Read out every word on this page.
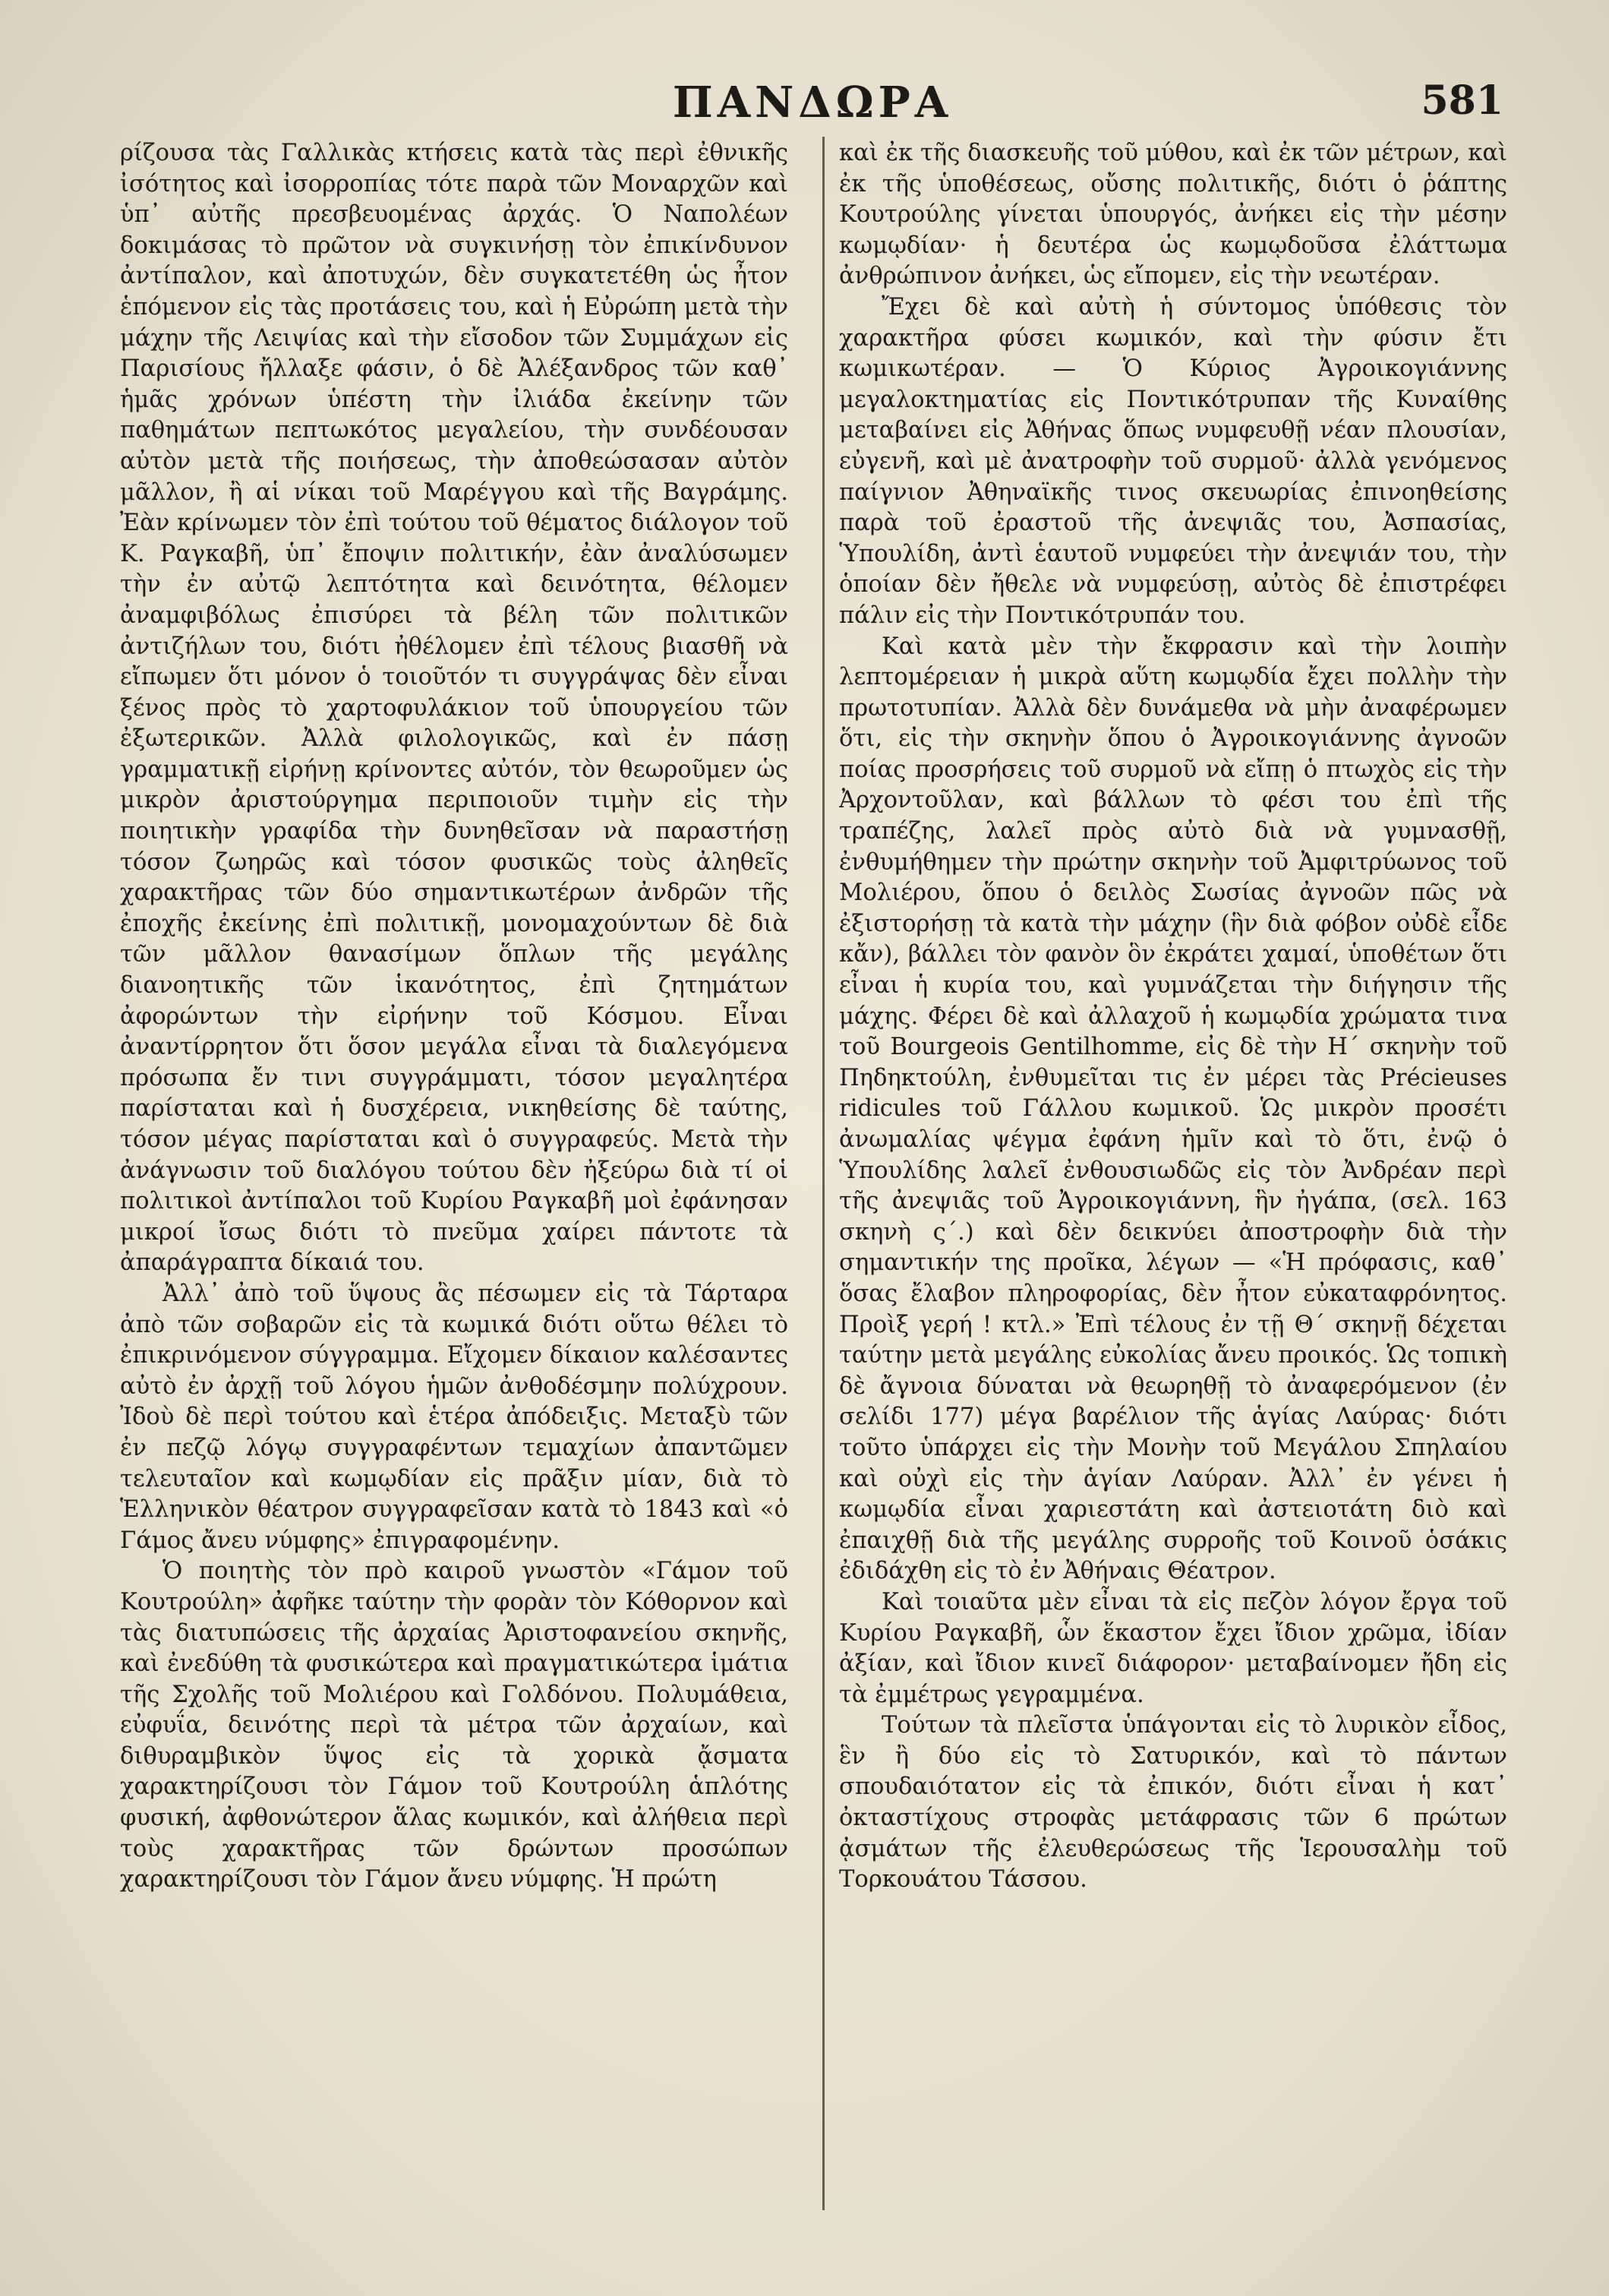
ΠΑΝΔΩΡΑ	581

ρίζουσα τὰς Γαλλικὰς κτήσεις κατὰ τὰς περὶ ἐθνικῆς ἰσότητος καὶ ἰσορροπίας τότε παρὰ τῶν Μοναρχῶν καὶ ὑπ᾽ αὐτῆς πρεσβευομένας ἀρχάς. Ὁ Ναπολέων δοκιμάσας τὸ πρῶτον νὰ συγκινήσῃ τὸν ἐπικίνδυνον ἀντίπαλον, καὶ ἀποτυχών, δὲν συγκατετέθη ὡς ἦτον ἑπόμενον εἰς τὰς προτάσεις του, καὶ ἡ Εὐρώπη μετὰ τὴν μάχην τῆς Λειψίας καὶ τὴν εἴσοδον τῶν Συμμάχων εἰς Παρισίους ἤλλαξε φάσιν, ὁ δὲ Ἀλέξανδρος τῶν καθ᾽ ἡμᾶς χρόνων ὑπέστη τὴν ἰλιάδα ἐκείνην τῶν παθημάτων πεπτωκότος μεγαλείου, τὴν συνδέουσαν αὐτὸν μετὰ τῆς ποιήσεως, τὴν ἀποθεώσασαν αὐτὸν μᾶλλον, ἢ αἱ νίκαι τοῦ Μαρέγγου καὶ τῆς Βαγράμης. Ἐὰν κρίνωμεν τὸν ἐπὶ τούτου τοῦ θέματος διάλογον τοῦ Κ. Ραγκαβῆ, ὑπ᾽ ἔποψιν πολιτικήν, ἐὰν ἀναλύσωμεν τὴν ἐν αὐτῷ λεπτότητα καὶ δεινότητα, θέλομεν ἀναμφιβόλως ἐπισύρει τὰ βέλη τῶν πολιτικῶν ἀντιζήλων του, διότι ἠθέλομεν ἐπὶ τέλους βιασθῆ νὰ εἴπωμεν ὅτι μόνον ὁ τοιοῦτόν τι συγγράψας δὲν εἶναι ξένος πρὸς τὸ χαρτοφυλάκιον τοῦ ὑπουργείου τῶν ἐξωτερικῶν. Ἀλλὰ φιλολογικῶς, καὶ ἐν πάσῃ γραμματικῇ εἰρήνῃ κρίνοντες αὐτόν, τὸν θεωροῦμεν ὡς μικρὸν ἀριστούργημα περιποιοῦν τιμὴν εἰς τὴν ποιητικὴν γραφίδα τὴν δυνηθεῖσαν νὰ παραστήσῃ τόσον ζωηρῶς καὶ τόσον φυσικῶς τοὺς ἀληθεῖς χαρακτῆρας τῶν δύο σημαντικωτέρων ἀνδρῶν τῆς ἐποχῆς ἐκείνης ἐπὶ πολιτικῇ, μονομαχούντων δὲ διὰ τῶν μᾶλλον θανασίμων ὅπλων τῆς μεγάλης διανοητικῆς τῶν ἱκανότητος, ἐπὶ ζητημάτων ἀφορώντων τὴν εἰρήνην τοῦ Κόσμου. Εἶναι ἀναντίρρητον ὅτι ὅσον μεγάλα εἶναι τὰ διαλεγόμενα πρόσωπα ἔν τινι συγγράμματι, τόσον μεγαλητέρα παρίσταται καὶ ἡ δυσχέρεια, νικηθείσης δὲ ταύτης, τόσον μέγας παρίσταται καὶ ὁ συγγραφεύς. Μετὰ τὴν ἀνάγνωσιν τοῦ διαλόγου τούτου δὲν ἠξεύρω διὰ τί οἱ πολιτικοὶ ἀντίπαλοι τοῦ Κυρίου Ραγκαβῆ μοὶ ἐφάνησαν μικροί ἴσως διότι τὸ πνεῦμα χαίρει πάντοτε τὰ ἀπαράγραπτα δίκαιά του.

Ἀλλ᾽ ἀπὸ τοῦ ὕψους ἂς πέσωμεν εἰς τὰ Τάρταρα ἀπὸ τῶν σοβαρῶν εἰς τὰ κωμικά διότι οὕτω θέλει τὸ ἐπικρινόμενον σύγγραμμα. Εἴχομεν δίκαιον καλέσαντες αὐτὸ ἐν ἀρχῇ τοῦ λόγου ἡμῶν ἀνθοδέσμην πολύχρουν. Ἰδοὺ δὲ περὶ τούτου καὶ ἑτέρα ἀπόδειξις. Μεταξὺ τῶν ἐν πεζῷ λόγῳ συγγραφέντων τεμαχίων ἀπαντῶμεν τελευταῖον καὶ κωμῳδίαν εἰς πρᾶξιν μίαν, διὰ τὸ Ἑλληνικὸν θέατρον συγγραφεῖσαν κατὰ τὸ 1843 καὶ «ὁ Γάμος ἄνευ νύμφης» ἐπιγραφομένην.

Ὁ ποιητὴς τὸν πρὸ καιροῦ γνωστὸν «Γάμον τοῦ Κουτρούλη» ἀφῆκε ταύτην τὴν φορὰν τὸν Κόθορνον καὶ τὰς διατυπώσεις τῆς ἀρχαίας Ἀριστοφανείου σκηνῆς, καὶ ἐνεδύθη τὰ φυσικώτερα καὶ πραγματικώτερα ἱμάτια τῆς Σχολῆς τοῦ Μολιέρου καὶ Γολδόνου. Πολυμάθεια, εὐφυΐα, δεινότης περὶ τὰ μέτρα τῶν ἀρχαίων, καὶ διθυραμβικὸν ὕψος εἰς τὰ χορικὰ ᾄσματα χαρακτηρίζουσι τὸν Γάμον τοῦ Κουτρούλη ἁπλότης φυσική, ἀφθονώτερον ἅλας κωμικόν, καὶ ἀλήθεια περὶ τοὺς χαρακτῆρας τῶν δρώντων προσώπων χαρακτηρίζουσι τὸν Γάμον ἄνευ νύμφης. Ἡ πρώτη

καὶ ἐκ τῆς διασκευῆς τοῦ μύθου, καὶ ἐκ τῶν μέτρων, καὶ ἐκ τῆς ὑποθέσεως, οὔσης πολιτικῆς, διότι ὁ ῥάπτης Κουτρούλης γίνεται ὑπουργός, ἀνήκει εἰς τὴν μέσην κωμῳδίαν· ἡ δευτέρα ὡς κωμῳδοῦσα ἐλάττωμα ἀνθρώπινον ἀνήκει, ὡς εἴπομεν, εἰς τὴν νεωτέραν.

Ἔχει δὲ καὶ αὐτὴ ἡ σύντομος ὑπόθεσις τὸν χαρακτῆρα φύσει κωμικόν, καὶ τὴν φύσιν ἔτι κωμικωτέραν. — Ὁ Κύριος Ἀγροικογιάννης μεγαλοκτηματίας εἰς Ποντικότρυπαν τῆς Κυναίθης μεταβαίνει εἰς Ἀθήνας ὅπως νυμφευθῇ νέαν πλουσίαν, εὐγενῆ, καὶ μὲ ἀνατροφὴν τοῦ συρμοῦ· ἀλλὰ γενόμενος παίγνιον Ἀθηναϊκῆς τινος σκευωρίας ἐπινοηθείσης παρὰ τοῦ ἐραστοῦ τῆς ἀνεψιᾶς του, Ἀσπασίας, Ὑπουλίδη, ἀντὶ ἑαυτοῦ νυμφεύει τὴν ἀνεψιάν του, τὴν ὁποίαν δὲν ἤθελε νὰ νυμφεύσῃ, αὐτὸς δὲ ἐπιστρέφει πάλιν εἰς τὴν Ποντικότρυπάν του.

Καὶ κατὰ μὲν τὴν ἔκφρασιν καὶ τὴν λοιπὴν λεπτομέρειαν ἡ μικρὰ αὕτη κωμῳδία ἔχει πολλὴν τὴν πρωτοτυπίαν. Ἀλλὰ δὲν δυνάμεθα νὰ μὴν ἀναφέρωμεν ὅτι, εἰς τὴν σκηνὴν ὅπου ὁ Ἀγροικογιάννης ἀγνοῶν ποίας προσρήσεις τοῦ συρμοῦ νὰ εἴπῃ ὁ πτωχὸς εἰς τὴν Ἀρχοντοῦλαν, καὶ βάλλων τὸ φέσι του ἐπὶ τῆς τραπέζης, λαλεῖ πρὸς αὐτὸ διὰ νὰ γυμνασθῇ, ἐνθυμήθημεν τὴν πρώτην σκηνὴν τοῦ Ἀμφιτρύωνος τοῦ Μολιέρου, ὅπου ὁ δειλὸς Σωσίας ἀγνοῶν πῶς νὰ ἐξιστορήσῃ τὰ κατὰ τὴν μάχην (ἣν διὰ φόβον οὐδὲ εἶδε κἄν), βάλλει τὸν φανὸν ὃν ἐκράτει χαμαί, ὑποθέτων ὅτι εἶναι ἡ κυρία του, καὶ γυμνάζεται τὴν διήγησιν τῆς μάχης. Φέρει δὲ καὶ ἀλλαχοῦ ἡ κωμῳδία χρώματα τινα τοῦ Bourgeois Gentilhomme, εἰς δὲ τὴν Η´ σκηνὴν τοῦ Πηδηκτούλη, ἐνθυμεῖται τις ἐν μέρει τὰς Précieuses ridicules τοῦ Γάλλου κωμικοῦ. Ὡς μικρὸν προσέτι ἀνωμαλίας ψέγμα ἐφάνη ἡμῖν καὶ τὸ ὅτι, ἐνῷ ὁ Ὑπουλίδης λαλεῖ ἐνθουσιωδῶς εἰς τὸν Ἀνδρέαν περὶ τῆς ἀνεψιᾶς τοῦ Ἀγροικογιάννη, ἣν ἠγάπα, (σελ. 163 σκηνὴ ς´.) καὶ δὲν δεικνύει ἀποστροφὴν διὰ τὴν σημαντικήν της προῖκα, λέγων — «Ἡ πρόφασις, καθ᾽ ὅσας ἔλαβον πληροφορίας, δὲν ἦτον εὐκαταφρόνητος. Προὶξ γερή ! κτλ.» Ἐπὶ τέλους ἐν τῇ Θ´ σκηνῇ δέχεται ταύτην μετὰ μεγάλης εὐκολίας ἄνευ προικός. Ὡς τοπικὴ δὲ ἄγνοια δύναται νὰ θεωρηθῇ τὸ ἀναφερόμενον (ἐν σελίδι 177) μέγα βαρέλιον τῆς ἁγίας Λαύρας· διότι τοῦτο ὑπάρχει εἰς τὴν Μονὴν τοῦ Μεγάλου Σπηλαίου καὶ οὐχὶ εἰς τὴν ἁγίαν Λαύραν. Ἀλλ᾽ ἐν γένει ἡ κωμῳδία εἶναι χαριεστάτη καὶ ἀστειοτάτη διὸ καὶ ἐπαιχθῇ διὰ τῆς μεγάλης συρροῆς τοῦ Κοινοῦ ὁσάκις ἐδιδάχθη εἰς τὸ ἐν Ἀθήναις Θέατρον.

Καὶ τοιαῦτα μὲν εἶναι τὰ εἰς πεζὸν λόγον ἔργα τοῦ Κυρίου Ραγκαβῆ, ὧν ἕκαστον ἔχει ἴδιον χρῶμα, ἰδίαν ἀξίαν, καὶ ἴδιον κινεῖ διάφορον· μεταβαίνομεν ἤδη εἰς τὰ ἐμμέτρως γεγραμμένα.

Τούτων τὰ πλεῖστα ὑπάγονται εἰς τὸ λυρικὸν εἶδος, ἓν ἢ δύο εἰς τὸ Σατυρικόν, καὶ τὸ πάντων σπουδαιότατον εἰς τὰ ἐπικόν, διότι εἶναι ἡ κατ᾽ ὀκταστίχους στροφὰς μετάφρασις τῶν 6 πρώτων ᾀσμάτων τῆς ἐλευθερώσεως τῆς Ἱερουσαλὴμ τοῦ Τορκουάτου Τάσσου.
